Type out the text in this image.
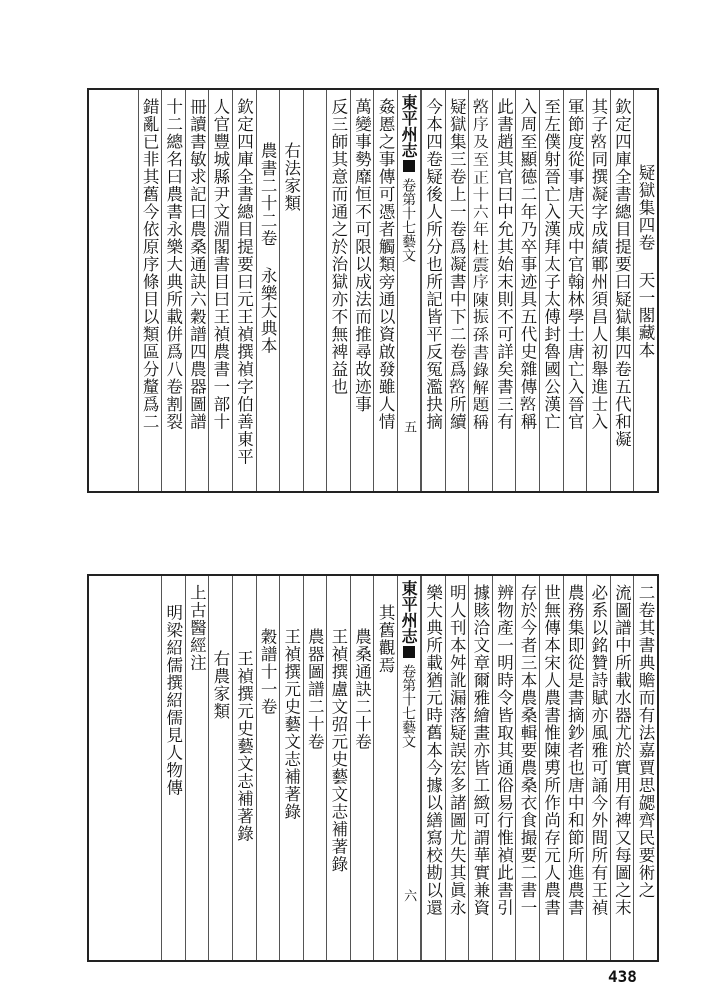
疑獄集四卷 天一閣藏本
欽定四庫全書總目提要曰疑獄集四卷五代和凝
其子𡼖同撰凝字成績鄆州須昌人初舉進士入
軍節度從事唐天成中官翰林學士唐亡入晉官
至左僕射晉亡入漢拜太子太傅封魯國公漢亡
入周至顯德二年乃卒事迹具五代史雜傳𡼖稱
此書趙其官曰中允其始末則不可詳矣書三有
𡼖序及至正十六年杜震序陳振孫書錄解題稱
疑獄集三卷上一卷爲凝書中下二卷爲𡼖所續
今本四卷疑後人所分也所記皆平反冤濫抉摘
東平州志
卷第十七藝文
五
姦慝之事傳可憑者觸類旁通以資啟發雖人情
萬變事勢靡恒不可限以成法而推尋故迹事
反三師其意而通之於治獄亦不無裨益也
右法家類
農書二十二卷 永樂大典本
欽定四庫全書總目提要曰元王禎撰禎字伯善東平
人官豐城縣尹文淵閣書目曰王禎農書一部十
冊讀書敏求記曰農桑通訣六穀譜四農器圖譜
十二總名曰農書永樂大典所載併爲八卷割裂
錯亂已非其舊今依原序條目以類區分釐爲二
二卷其書典贍而有法嘉賈思勰齊民要術之
流圖譜中所載水器尤於實用有裨又每圖之末
必系以銘贊詩賦亦風雅可誦今外間所有王禎
農務集即從是書摘鈔者也唐中和節所進農書
世無傳本宋人農書惟陳旉所作尚存元人農書
存於今者三本農桑輯要農桑衣食撮要二書一
辨物產一明時令皆取其通俗易行惟禎此書引
據賅洽文章爾雅繪畫亦皆工緻可謂華實兼資
明人刊本舛訛漏落疑誤宏多諸圖尤失其眞永
樂大典所載猶元時舊本今據以繕寫校勘以還
東平州志
卷第十七藝文
六
其舊觀焉
農桑通訣二十卷
王禎撰盧文弨元史藝文志補著錄
農器圖譜二十卷
王禎撰元史藝文志補著錄
穀譜十一卷
王禎撰元史藝文志補著錄
右農家類
上古醫經注
明梁紹儒撰紹儒見人物傳
438
